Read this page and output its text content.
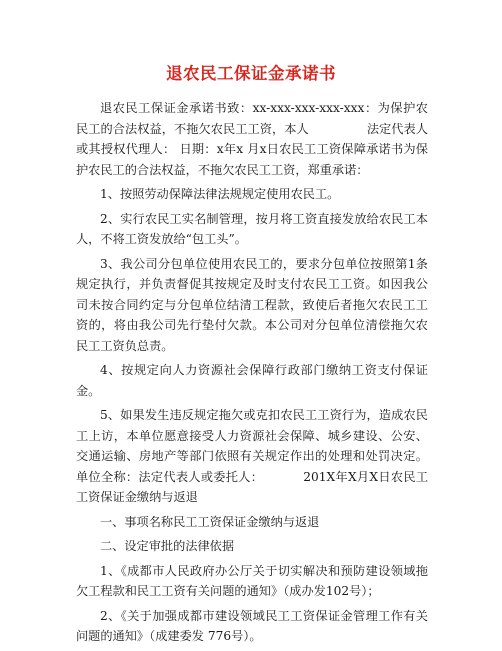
退农民工保证金承诺书

退农民工保证金承诺书致：xx-xxx-xxx-xxx-xxx：为保护农民工的合法权益，不拖欠农民工工资，本人	法定代表人或其授权代理人： 日期：x年x 月x日农民工工资保障承诺书为保护农民工的合法权益，不拖欠农民工工资，郑重承诺：

1、按照劳动保障法律法规规定使用农民工。

2、实行农民工实名制管理，按月将工资直接发放给农民工本人，不将工资发放给“包工头”。

3、我公司分包单位使用农民工的，要求分包单位按照第1条规定执行，并负责督促其按规定及时支付农民工工资。如因我公司未按合同约定与分包单位结清工程款，致使后者拖欠农民工工资的，将由我公司先行垫付欠款。本公司对分包单位清偿拖欠农民工工资负总责。

4、按规定向人力资源社会保障行政部门缴纳工资支付保证金。

5、如果发生违反规定拖欠或克扣农民工工资行为，造成农民工上访，本单位愿意接受人力资源社会保障、城乡建设、公安、交通运输、房地产等部门依照有关规定作出的处理和处罚决定。单位全称：法定代表人或委托人：	201X年X月X日农民工工资保证金缴纳与返退

一、事项名称民工工资保证金缴纳与返退

二、设定审批的法律依据

1、《成都市人民政府办公厅关于切实解决和预防建设领域拖欠工程款和民工工资有关问题的通知》（成办发102号）；

2、《关于加强成都市建设领域民工工资保证金管理工作有关问题的通知》（成建委发 776号）。
